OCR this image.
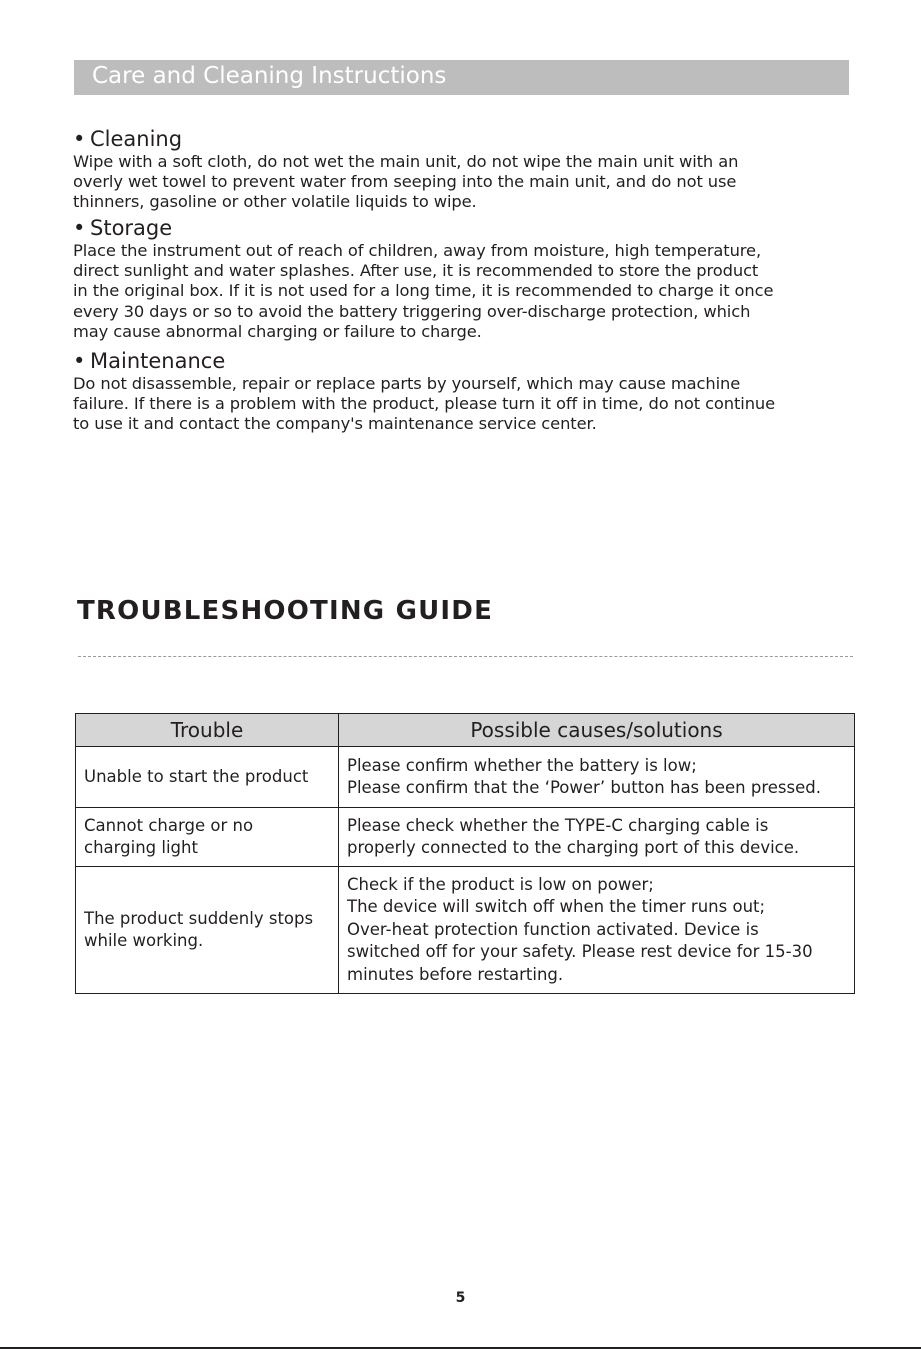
Care and Cleaning Instructions
• Cleaning
Wipe with a soft cloth, do not wet the main unit, do not wipe the main unit with an
overly wet towel to prevent water from seeping into the main unit, and do not use
thinners, gasoline or other volatile liquids to wipe.
• Storage
Place the instrument out of reach of children, away from moisture, high temperature,
direct sunlight and water splashes. After use, it is recommended to store the product
in the original box. If it is not used for a long time, it is recommended to charge it once
every 30 days or so to avoid the battery triggering over-discharge protection, which
may cause abnormal charging or failure to charge.
• Maintenance
Do not disassemble, repair or replace parts by yourself, which may cause machine
failure. If there is a problem with the product, please turn it off in time, do not continue
to use it and contact the company's maintenance service center.
TROUBLESHOOTING GUIDE
Trouble	Possible causes/solutions
Unable to start the product	Please confirm whether the battery is low;
Please confirm that the ‘Power’ button has been pressed.
Cannot charge or no
charging light	Please check whether the TYPE-C charging cable is
properly connected to the charging port of this device.
The product suddenly stops
while working.	Check if the product is low on power;
The device will switch off when the timer runs out;
Over-heat protection function activated. Device is
switched off for your safety. Please rest device for 15-30
minutes before restarting.
5
